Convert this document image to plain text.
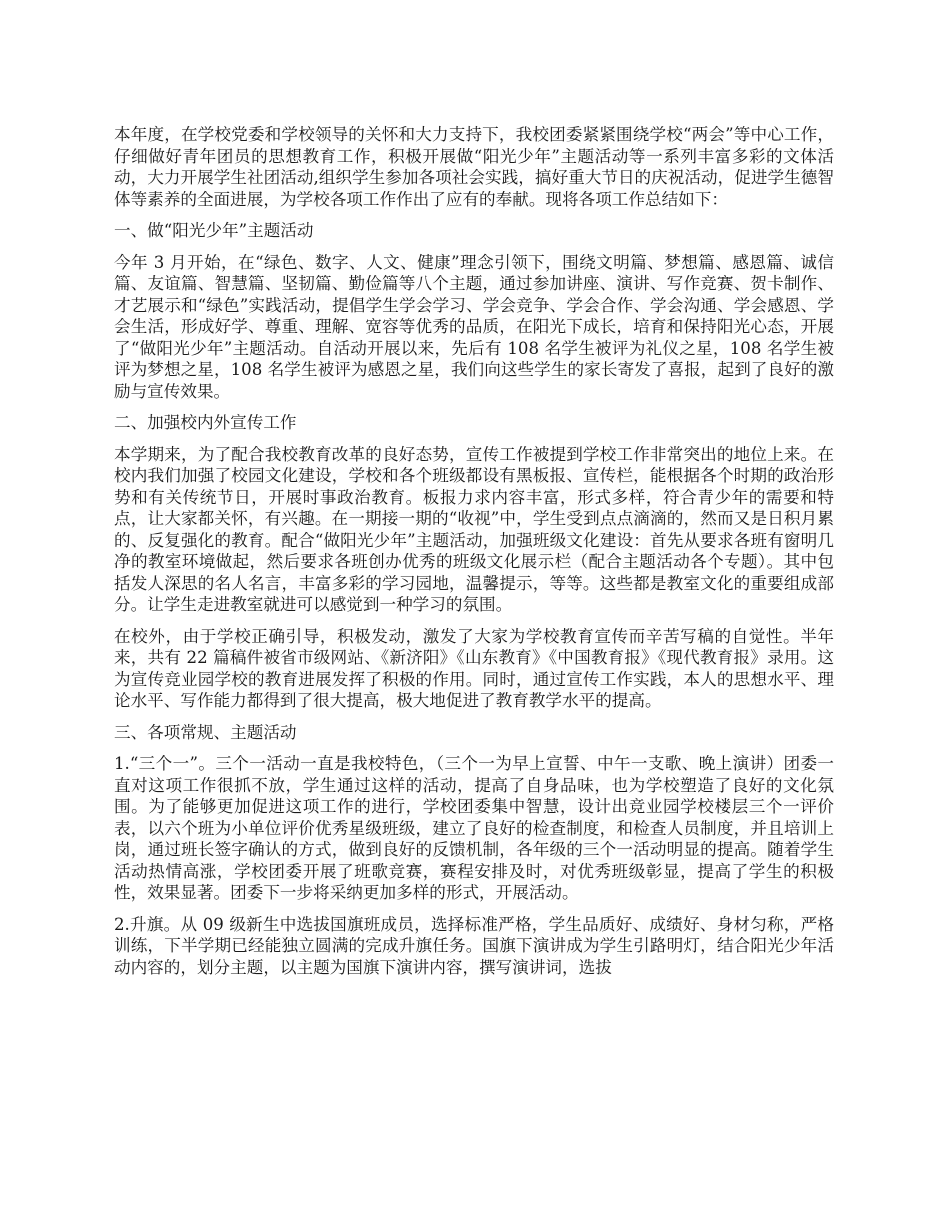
本年度，在学校党委和学校领导的关怀和大力支持下，我校团委紧紧围绕学校“两会”等中心工作，仔细做好青年团员的思想教育工作，积极开展做“阳光少年”主题活动等一系列丰富多彩的文体活动，大力开展学生社团活动,组织学生参加各项社会实践，搞好重大节日的庆祝活动，促进学生德智体等素养的全面进展，为学校各项工作作出了应有的奉献。现将各项工作总结如下：

一、做“阳光少年”主题活动

今年 3 月开始，在“绿色、数字、人文、健康”理念引领下，围绕文明篇、梦想篇、感恩篇、诚信篇、友谊篇、智慧篇、坚韧篇、勤俭篇等八个主题，通过参加讲座、演讲、写作竞赛、贺卡制作、才艺展示和“绿色”实践活动，提倡学生学会学习、学会竞争、学会合作、学会沟通、学会感恩、学会生活，形成好学、尊重、理解、宽容等优秀的品质，在阳光下成长，培育和保持阳光心态，开展了“做阳光少年”主题活动。自活动开展以来，先后有 108 名学生被评为礼仪之星，108 名学生被评为梦想之星，108 名学生被评为感恩之星，我们向这些学生的家长寄发了喜报，起到了良好的激励与宣传效果。

二、加强校内外宣传工作

本学期来，为了配合我校教育改革的良好态势，宣传工作被提到学校工作非常突出的地位上来。在校内我们加强了校园文化建设，学校和各个班级都设有黑板报、宣传栏，能根据各个时期的政治形势和有关传统节日，开展时事政治教育。板报力求内容丰富，形式多样，符合青少年的需要和特点，让大家都关怀，有兴趣。在一期接一期的“收视”中，学生受到点点滴滴的，然而又是日积月累的、反复强化的教育。配合“做阳光少年”主题活动，加强班级文化建设：首先从要求各班有窗明几净的教室环境做起，然后要求各班创办优秀的班级文化展示栏（配合主题活动各个专题）。其中包括发人深思的名人名言，丰富多彩的学习园地，温馨提示，等等。这些都是教室文化的重要组成部分。让学生走进教室就进可以感觉到一种学习的氛围。

在校外，由于学校正确引导，积极发动，激发了大家为学校教育宣传而辛苦写稿的自觉性。半年来，共有 22 篇稿件被省市级网站、《新济阳》《山东教育》《中国教育报》《现代教育报》录用。这为宣传竞业园学校的教育进展发挥了积极的作用。同时，通过宣传工作实践，本人的思想水平、理论水平、写作能力都得到了很大提高，极大地促进了教育教学水平的提高。

三、各项常规、主题活动

1.“三个一”。三个一活动一直是我校特色，（三个一为早上宣誓、中午一支歌、晚上演讲）团委一直对这项工作很抓不放，学生通过这样的活动，提高了自身品味，也为学校塑造了良好的文化氛围。为了能够更加促进这项工作的进行，学校团委集中智慧，设计出竞业园学校楼层三个一评价表，以六个班为小单位评价优秀星级班级，建立了良好的检查制度，和检查人员制度，并且培训上岗，通过班长签字确认的方式，做到良好的反馈机制，各年级的三个一活动明显的提高。随着学生活动热情高涨，学校团委开展了班歌竞赛，赛程安排及时，对优秀班级彰显，提高了学生的积极性，效果显著。团委下一步将采纳更加多样的形式，开展活动。

2.升旗。从 09 级新生中选拔国旗班成员，选择标准严格，学生品质好、成绩好、身材匀称，严格训练，下半学期已经能独立圆满的完成升旗任务。国旗下演讲成为学生引路明灯，结合阳光少年活动内容的，划分主题，以主题为国旗下演讲内容，撰写演讲词，选拔
